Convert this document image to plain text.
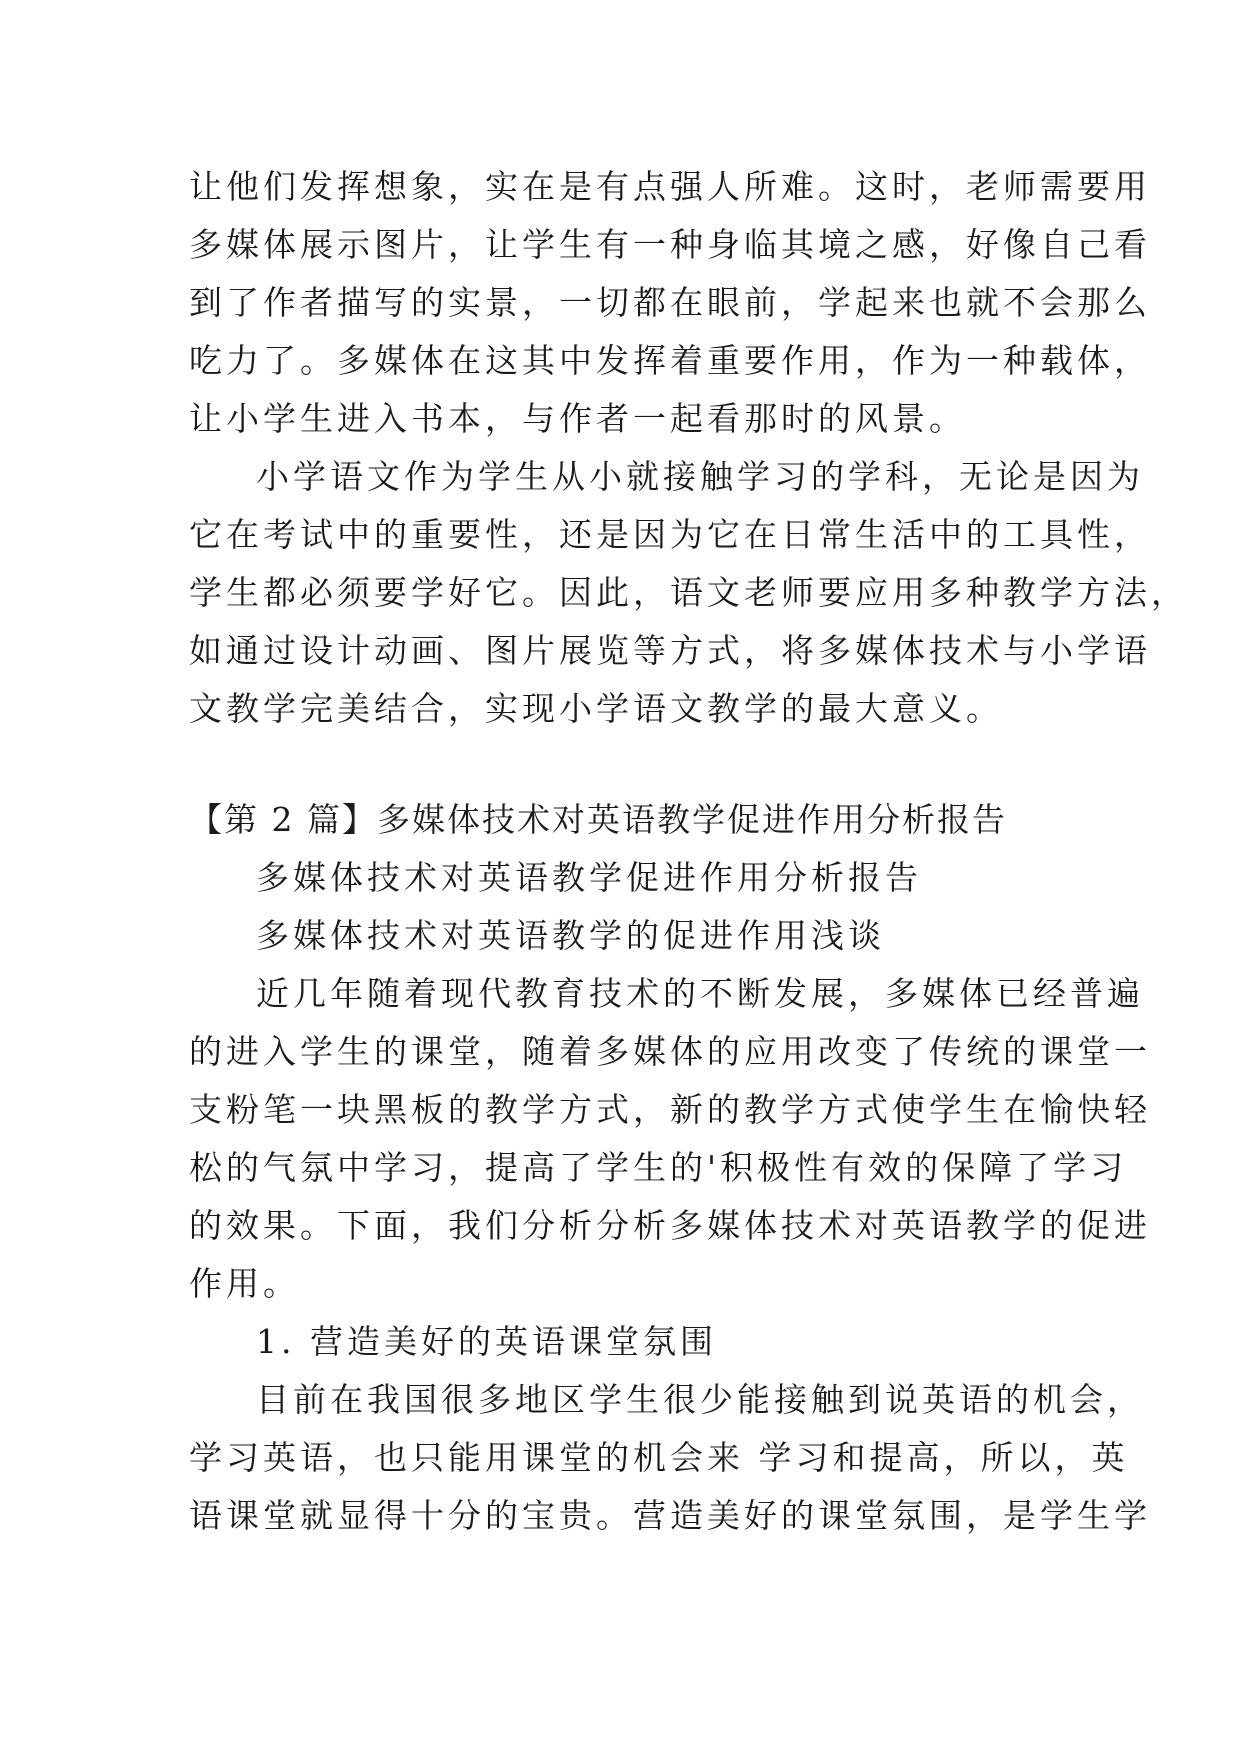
让他们发挥想象，实在是有点强人所难。这时，老师需要用
多媒体展示图片，让学生有一种身临其境之感，好像自己看
到了作者描写的实景，一切都在眼前，学起来也就不会那么
吃力了。多媒体在这其中发挥着重要作用，作为一种载体，
让小学生进入书本，与作者一起看那时的风景。
小学语文作为学生从小就接触学习的学科，无论是因为
它在考试中的重要性，还是因为它在日常生活中的工具性，
学生都必须要学好它。因此，语文老师要应用多种教学方法，
如通过设计动画、图片展览等方式，将多媒体技术与小学语
文教学完美结合，实现小学语文教学的最大意义。
【第 2 篇】多媒体技术对英语教学促进作用分析报告
多媒体技术对英语教学促进作用分析报告
多媒体技术对英语教学的促进作用浅谈
近几年随着现代教育技术的不断发展，多媒体已经普遍
的进入学生的课堂，随着多媒体的应用改变了传统的课堂一
支粉笔一块黑板的教学方式，新的教学方式使学生在愉快轻
松的气氛中学习，提高了学生的'积极性有效的保障了学习
的效果。下面，我们分析分析多媒体技术对英语教学的促进
作用。
1. 营造美好的英语课堂氛围
目前在我国很多地区学生很少能接触到说英语的机会，
学习英语，也只能用课堂的机会来 学习和提高，所以，英
语课堂就显得十分的宝贵。营造美好的课堂氛围，是学生学
